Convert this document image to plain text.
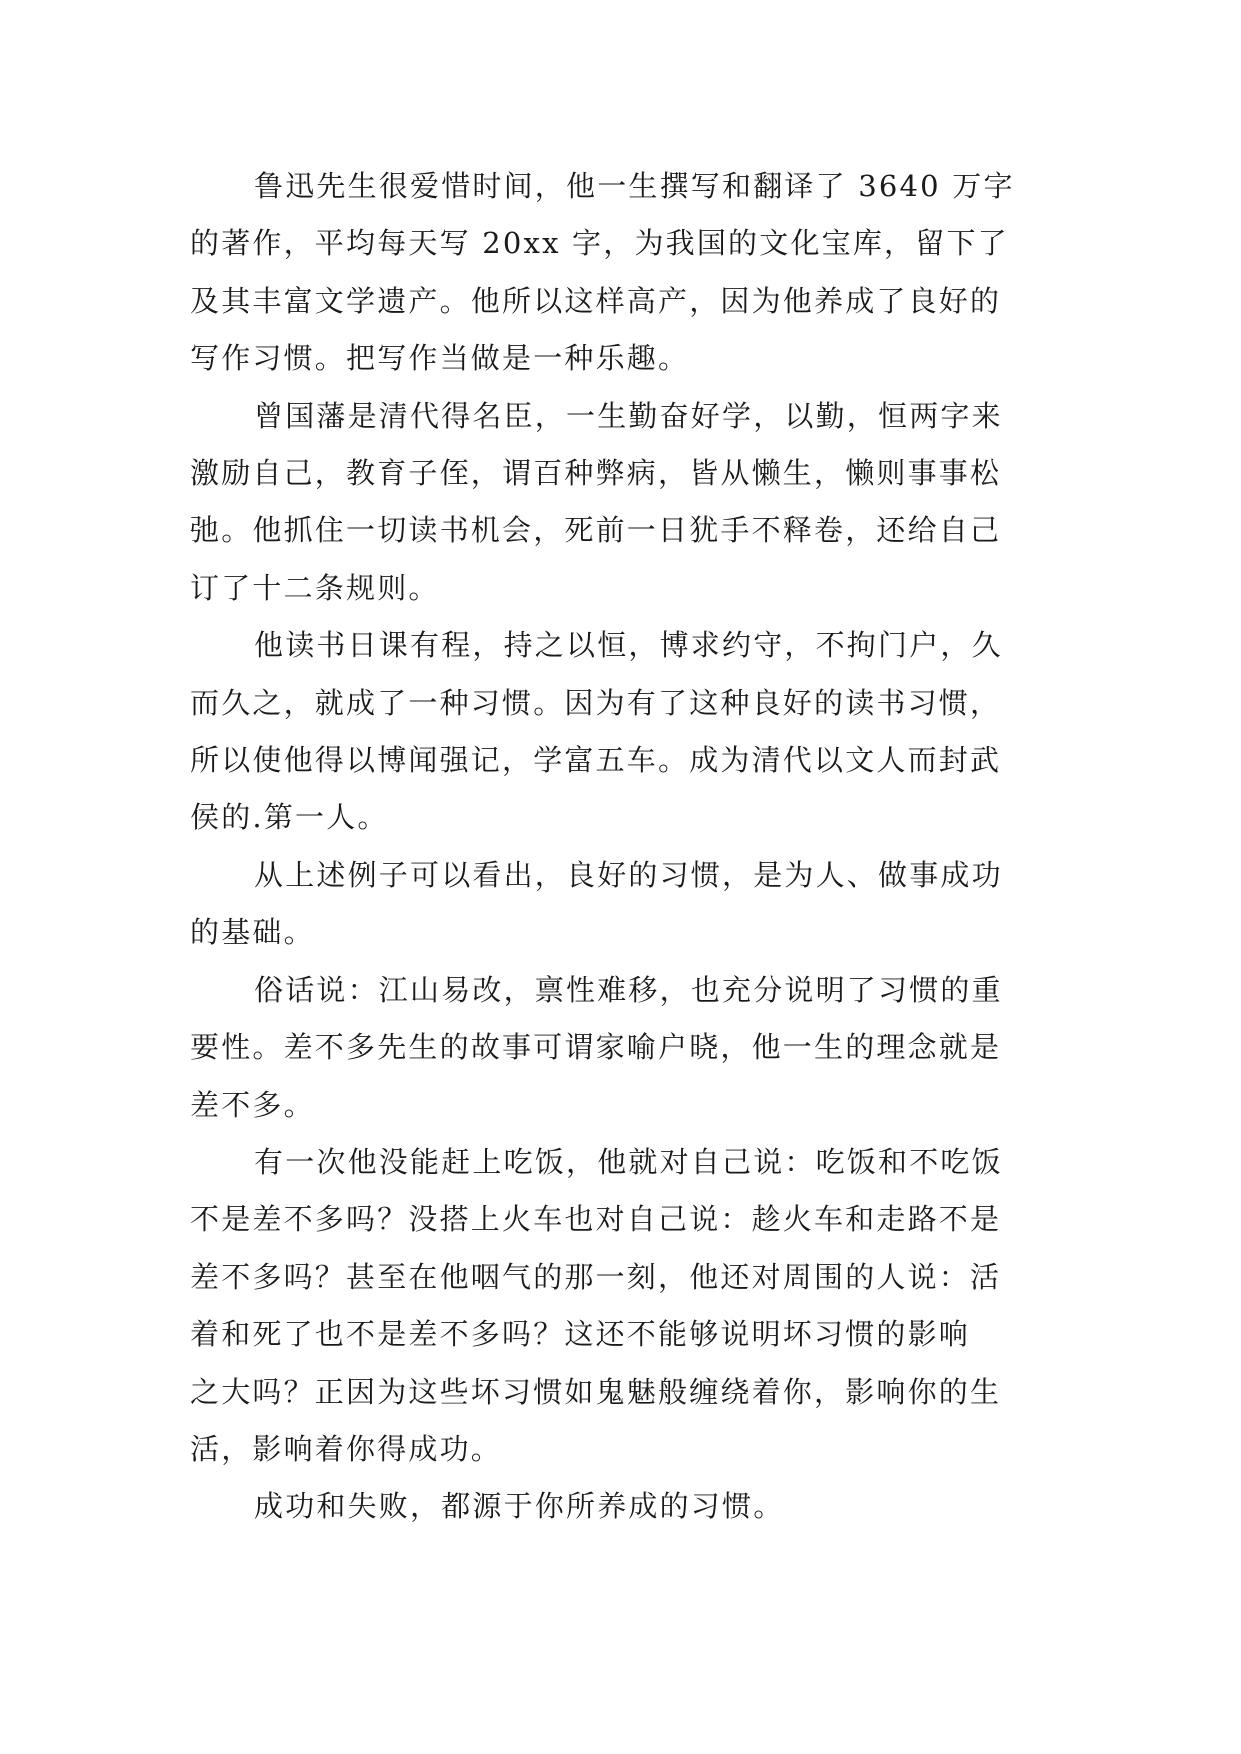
鲁迅先生很爱惜时间，他一生撰写和翻译了 3640 万字
的著作，平均每天写 20xx 字，为我国的文化宝库，留下了
及其丰富文学遗产。他所以这样高产，因为他养成了良好的
写作习惯。把写作当做是一种乐趣。

曾国藩是清代得名臣，一生勤奋好学，以勤，恒两字来
激励自己，教育子侄，谓百种弊病，皆从懒生，懒则事事松
弛。他抓住一切读书机会，死前一日犹手不释卷，还给自己
订了十二条规则。

他读书日课有程，持之以恒，博求约守，不拘门户，久
而久之，就成了一种习惯。因为有了这种良好的读书习惯，
所以使他得以博闻强记，学富五车。成为清代以文人而封武
侯的.第一人。

从上述例子可以看出，良好的习惯，是为人、做事成功
的基础。

俗话说：江山易改，禀性难移，也充分说明了习惯的重
要性。差不多先生的故事可谓家喻户晓，他一生的理念就是
差不多。

有一次他没能赶上吃饭，他就对自己说：吃饭和不吃饭
不是差不多吗？没搭上火车也对自己说：趁火车和走路不是
差不多吗？甚至在他咽气的那一刻，他还对周围的人说：活
着和死了也不是差不多吗？这还不能够说明坏习惯的影响
之大吗？正因为这些坏习惯如鬼魅般缠绕着你，影响你的生
活，影响着你得成功。

成功和失败，都源于你所养成的习惯。
